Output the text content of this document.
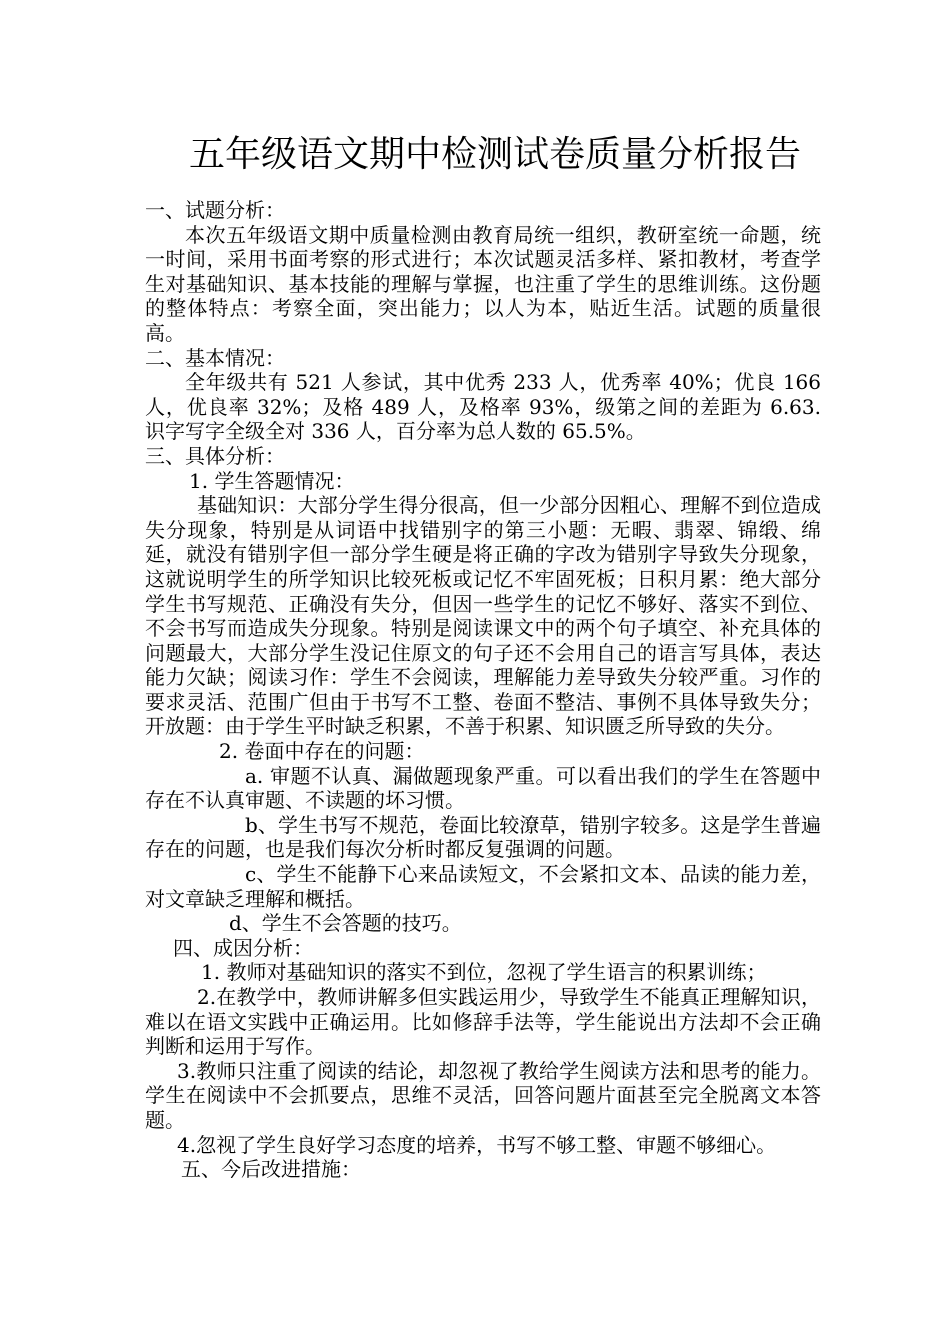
五年级语文期中检测试卷质量分析报告

一、试题分析：

本次五年级语文期中质量检测由教育局统一组织，教研室统一命题，统一时间，采用书面考察的形式进行；本次试题灵活多样、紧扣教材，考查学生对基础知识、基本技能的理解与掌握，也注重了学生的思维训练。这份题的整体特点：考察全面，突出能力；以人为本，贴近生活。试题的质量很高。

二、基本情况：

全年级共有 521 人参试，其中优秀 233 人，优秀率 40%；优良 166 人，优良率 32%；及格 489 人，及格率 93%，级第之间的差距为 6.63. 识字写字全级全对 336 人，百分率为总人数的 65.5%。

三、具体分析：

1. 学生答题情况：

基础知识：大部分学生得分很高，但一少部分因粗心、理解不到位造成失分现象，特别是从词语中找错别字的第三小题：无暇、翡翠、锦缎、绵延，就没有错别字但一部分学生硬是将正确的字改为错别字导致失分现象，这就说明学生的所学知识比较死板或记忆不牢固死板；日积月累：绝大部分学生书写规范、正确没有失分，但因一些学生的记忆不够好、落实不到位、不会书写而造成失分现象。特别是阅读课文中的两个句子填空、补充具体的问题最大，大部分学生没记住原文的句子还不会用自己的语言写具体，表达能力欠缺；阅读习作：学生不会阅读，理解能力差导致失分较严重。习作的要求灵活、范围广但由于书写不工整、卷面不整洁、事例不具体导致失分；开放题：由于学生平时缺乏积累，不善于积累、知识匮乏所导致的失分。

2. 卷面中存在的问题：

a. 审题不认真、漏做题现象严重。可以看出我们的学生在答题中存在不认真审题、不读题的坏习惯。

b、学生书写不规范，卷面比较潦草，错别字较多。这是学生普遍存在的问题，也是我们每次分析时都反复强调的问题。

c、学生不能静下心来品读短文，不会紧扣文本、品读的能力差，对文章缺乏理解和概括。

d、学生不会答题的技巧。

四、成因分析：

1. 教师对基础知识的落实不到位，忽视了学生语言的积累训练；

2.在教学中，教师讲解多但实践运用少，导致学生不能真正理解知识，难以在语文实践中正确运用。比如修辞手法等，学生能说出方法却不会正确判断和运用于写作。

3.教师只注重了阅读的结论，却忽视了教给学生阅读方法和思考的能力。学生在阅读中不会抓要点，思维不灵活，回答问题片面甚至完全脱离文本答题。

4.忽视了学生良好学习态度的培养，书写不够工整、审题不够细心。

五、今后改进措施：
